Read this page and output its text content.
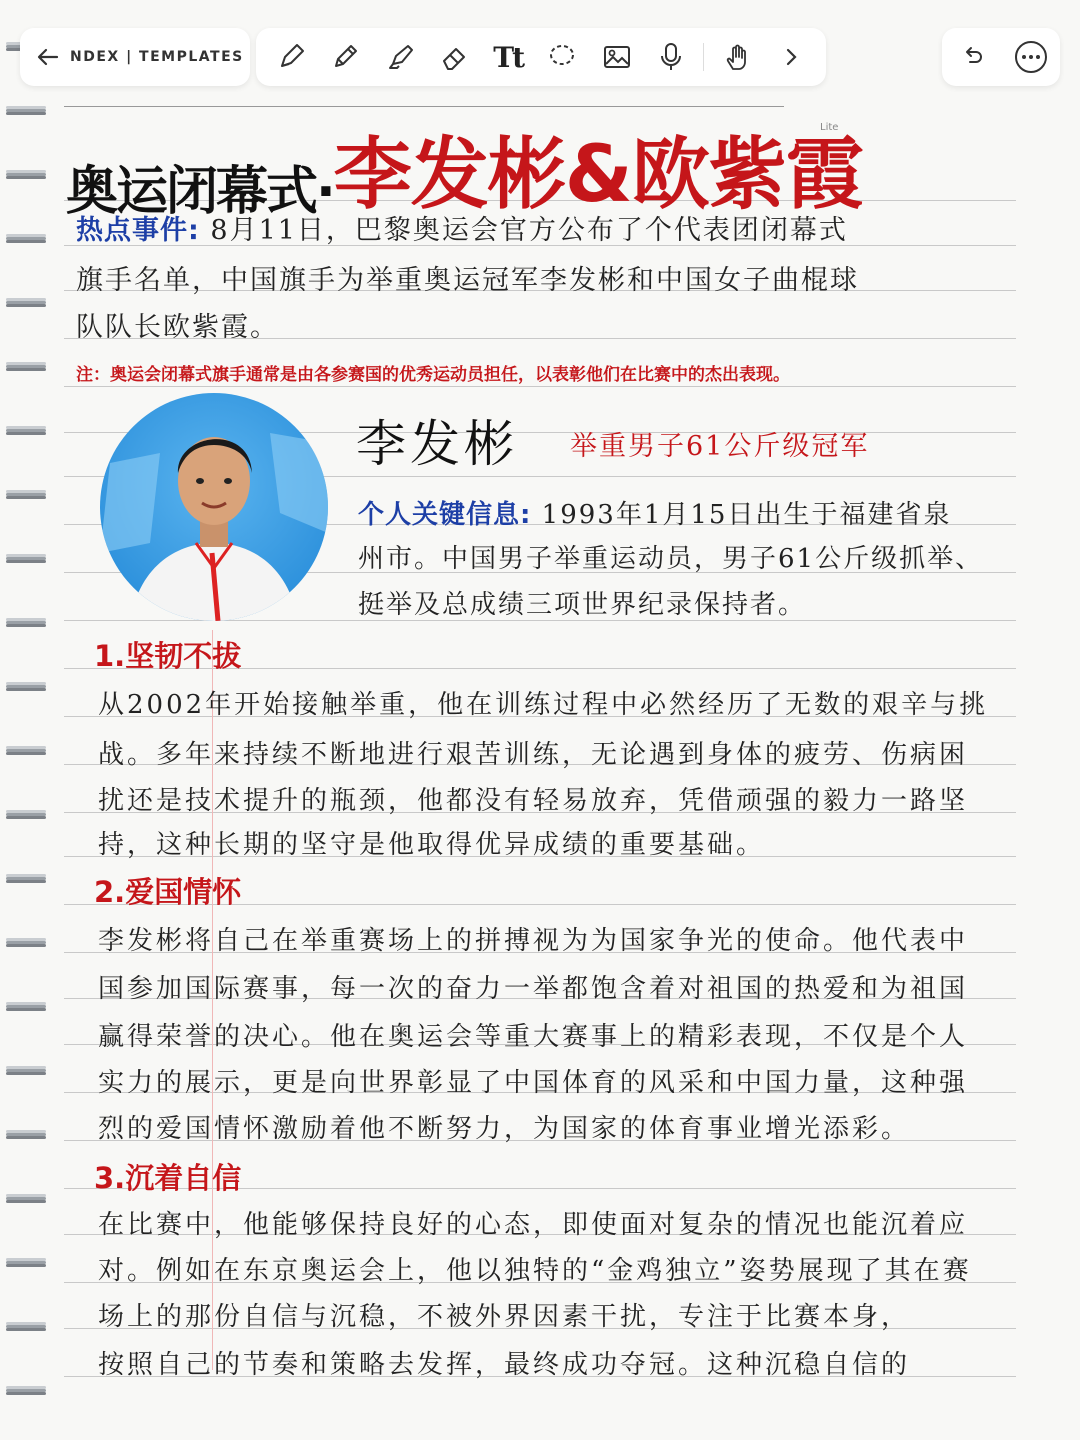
NDEX | TEMPLATES	Tt
奥运闭幕式·李发彬&欧紫霞
Lite
热点事件: 8月11日，巴黎奥运会官方公布了个代表团闭幕式
旗手名单，中国旗手为举重奥运冠军李发彬和中国女子曲棍球
队队长欧紫霞。
注：奥运会闭幕式旗手通常是由各参赛国的优秀运动员担任，以表彰他们在比赛中的杰出表现。
李发彬 举重男子61公斤级冠军
个人关键信息: 1993年1月15日出生于福建省泉
州市。中国男子举重运动员，男子61公斤级抓举、
挺举及总成绩三项世界纪录保持者。
1.坚韧不拔
从2002年开始接触举重，他在训练过程中必然经历了无数的艰辛与挑
战。多年来持续不断地进行艰苦训练，无论遇到身体的疲劳、伤病困
扰还是技术提升的瓶颈，他都没有轻易放弃，凭借顽强的毅力一路坚
持，这种长期的坚守是他取得优异成绩的重要基础。
2.爱国情怀
李发彬将自己在举重赛场上的拼搏视为为国家争光的使命。他代表中
国参加国际赛事，每一次的奋力一举都饱含着对祖国的热爱和为祖国
赢得荣誉的决心。他在奥运会等重大赛事上的精彩表现，不仅是个人
实力的展示，更是向世界彰显了中国体育的风采和中国力量，这种强
烈的爱国情怀激励着他不断努力，为国家的体育事业增光添彩。
3.沉着自信
在比赛中，他能够保持良好的心态，即使面对复杂的情况也能沉着应
对。例如在东京奥运会上，他以独特的“金鸡独立”姿势展现了其在赛
场上的那份自信与沉稳，不被外界因素干扰，专注于比赛本身，
按照自己的节奏和策略去发挥，最终成功夺冠。这种沉稳自信的
